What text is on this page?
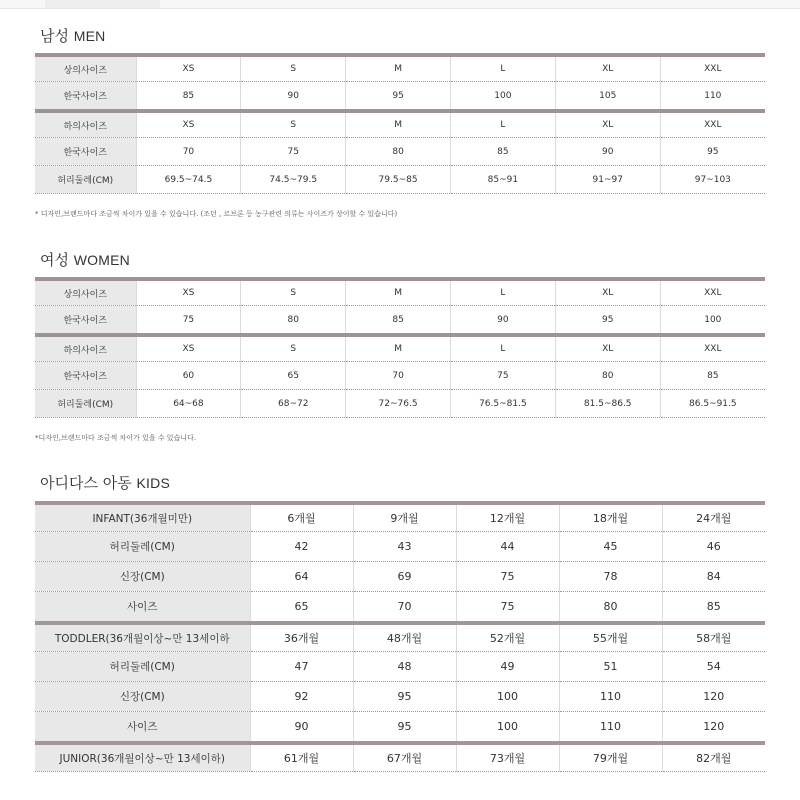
남성 MEN
상의사이즈	XS	S	M	L	XL	XXL
한국사이즈	85	90	95	100	105	110
하의사이즈	XS	S	M	L	XL	XXL
한국사이즈	70	75	80	85	90	95
허리둘레(CM)	69.5~74.5	74.5~79.5	79.5~85	85~91	91~97	97~103
* 디자인,브랜드마다 조금씩 차이가 있을 수 있습니다. (조던 , 르브론 등 농구관련 의류는 사이즈가 상이할 수 있습니다)
여성 WOMEN
상의사이즈	XS	S	M	L	XL	XXL
한국사이즈	75	80	85	90	95	100
하의사이즈	XS	S	M	L	XL	XXL
한국사이즈	60	65	70	75	80	85
허리둘레(CM)	64~68	68~72	72~76.5	76.5~81.5	81.5~86.5	86.5~91.5
*디자인,브랜드마다 조금씩 차이가 있을 수 있습니다.
아디다스 아동 KIDS
INFANT(36개월미만)	6개월	9개월	12개월	18개월	24개월
허리둘레(CM)	42	43	44	45	46
신장(CM)	64	69	75	78	84
사이즈	65	70	75	80	85
TODDLER(36개월이상~만 13세이하	36개월	48개월	52개월	55개월	58개월
허리둘레(CM)	47	48	49	51	54
신장(CM)	92	95	100	110	120
사이즈	90	95	100	110	120
JUNIOR(36개월이상~만 13세이하)	61개월	67개월	73개월	79개월	82개월
